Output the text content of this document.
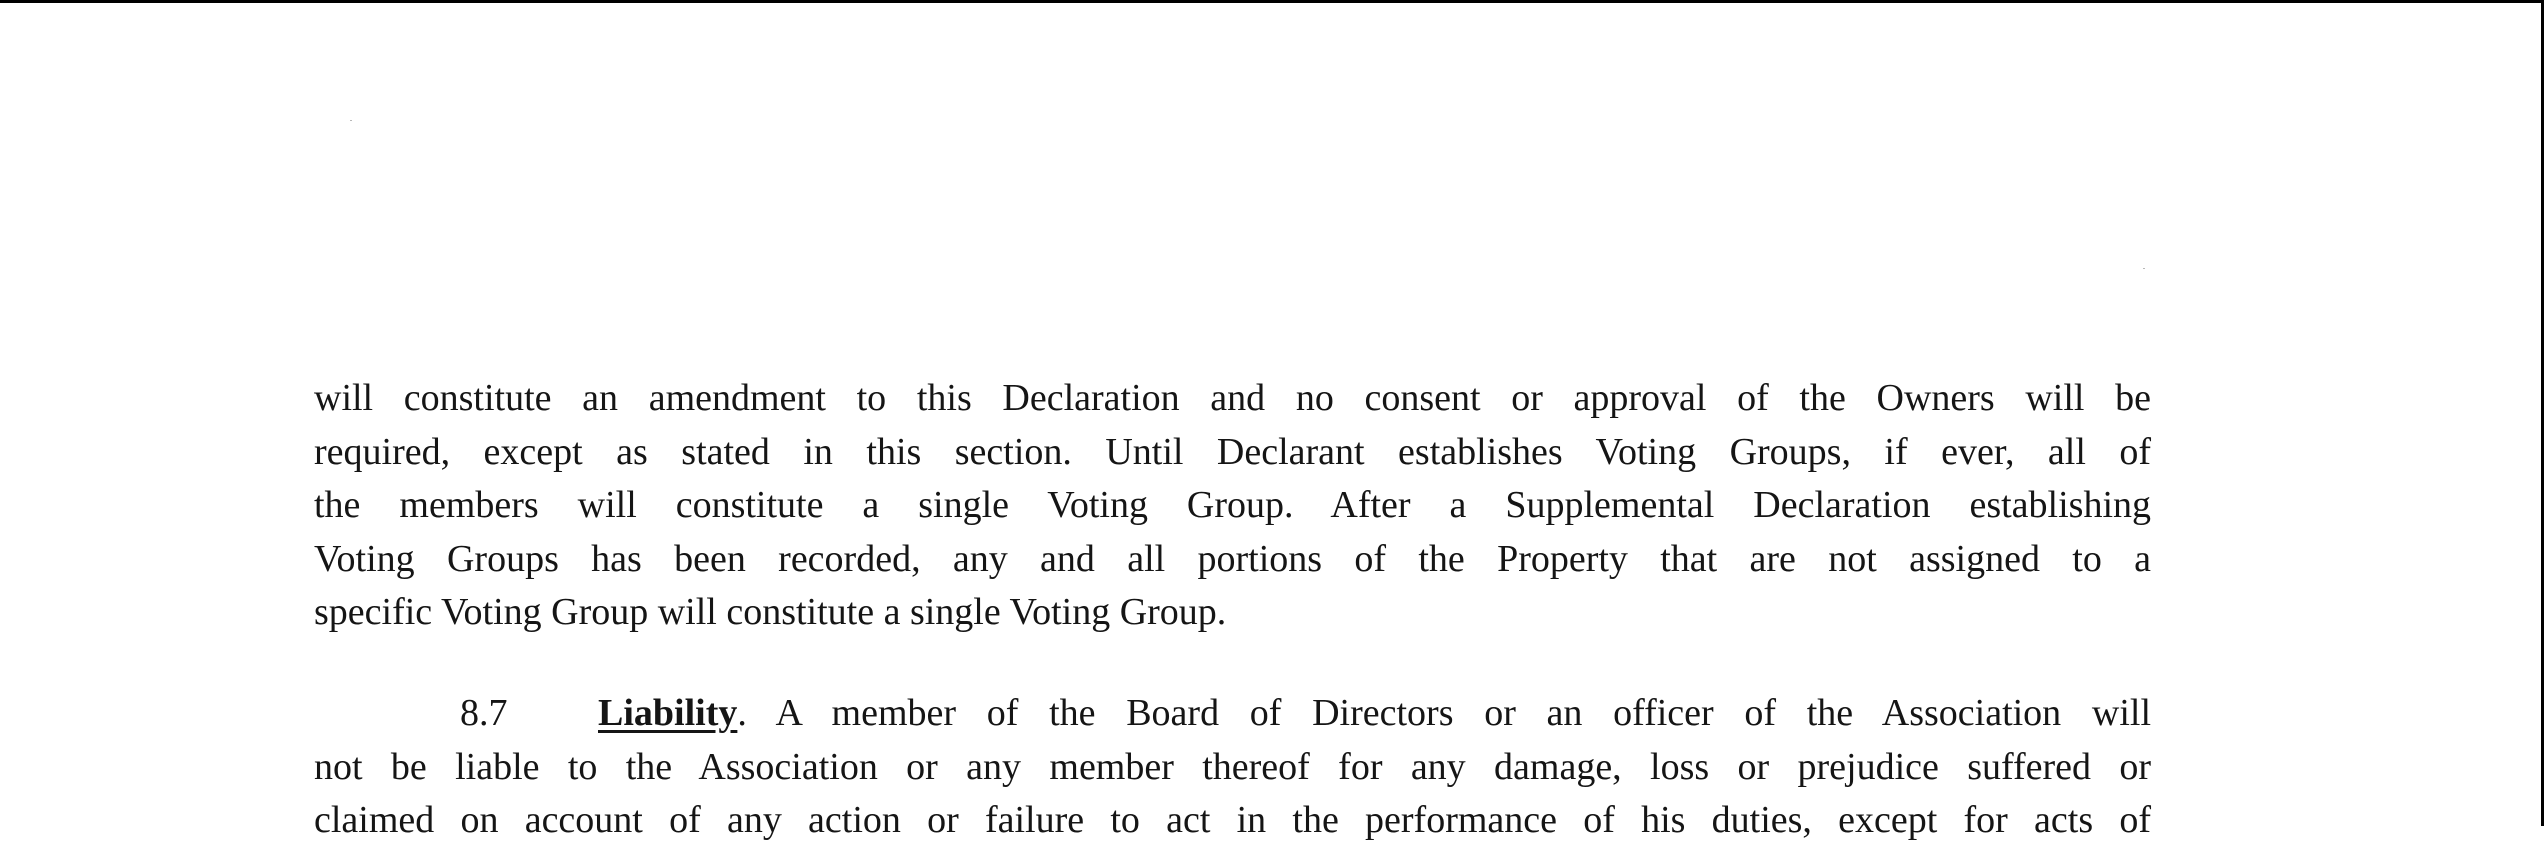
will constitute an amendment to this Declaration and no consent or approval of the Owners will be
required, except as stated in this section. Until Declarant establishes Voting Groups, if ever, all of
the members will constitute a single Voting Group. After a Supplemental Declaration establishing
Voting Groups has been recorded, any and all portions of the Property that are not assigned to a
specific Voting Group will constitute a single Voting Group.
8.7 Liability. A member of the Board of Directors or an officer of the Association will
not be liable to the Association or any member thereof for any damage, loss or prejudice suffered or
claimed on account of any action or failure to act in the performance of his duties, except for acts of
